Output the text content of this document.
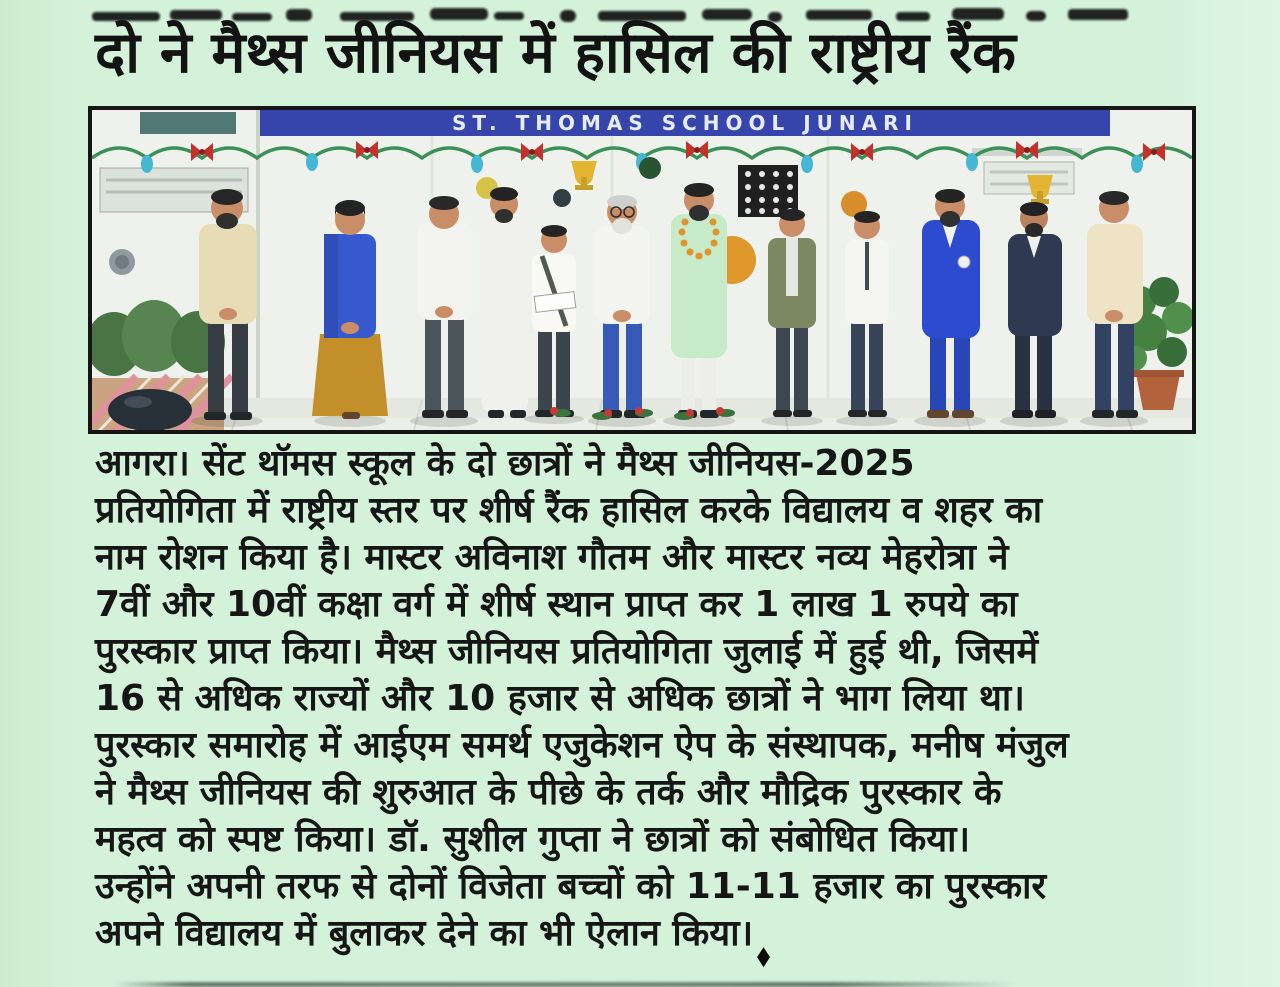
दो ने मैथ्स जीनियस में हासिल की राष्ट्रीय रैंक
ST. THOMAS SCHOOL JUNARI
आगरा। सेंट थॉमस स्कूल के दो छात्रों ने मैथ्स जीनियस-2025
प्रतियोगिता में राष्ट्रीय स्तर पर शीर्ष रैंक हासिल करके विद्यालय व शहर का
नाम रोशन किया है। मास्टर अविनाश गौतम और मास्टर नव्य मेहरोत्रा ने
7वीं और 10वीं कक्षा वर्ग में शीर्ष स्थान प्राप्त कर 1 लाख 1 रुपये का
पुरस्कार प्राप्त किया। मैथ्स जीनियस प्रतियोगिता जुलाई में हुई थी, जिसमें
16 से अधिक राज्यों और 10 हजार से अधिक छात्रों ने भाग लिया था।
पुरस्कार समारोह में आईएम समर्थ एजुकेशन ऐप के संस्थापक, मनीष मंजुल
ने मैथ्स जीनियस की शुरुआत के पीछे के तर्क और मौद्रिक पुरस्कार के
महत्व को स्पष्ट किया। डॉ. सुशील गुप्ता ने छात्रों को संबोधित किया।
उन्होंने अपनी तरफ से दोनों विजेता बच्चों को 11-11 हजार का पुरस्कार
अपने विद्यालय में बुलाकर देने का भी ऐलान किया।
◆
